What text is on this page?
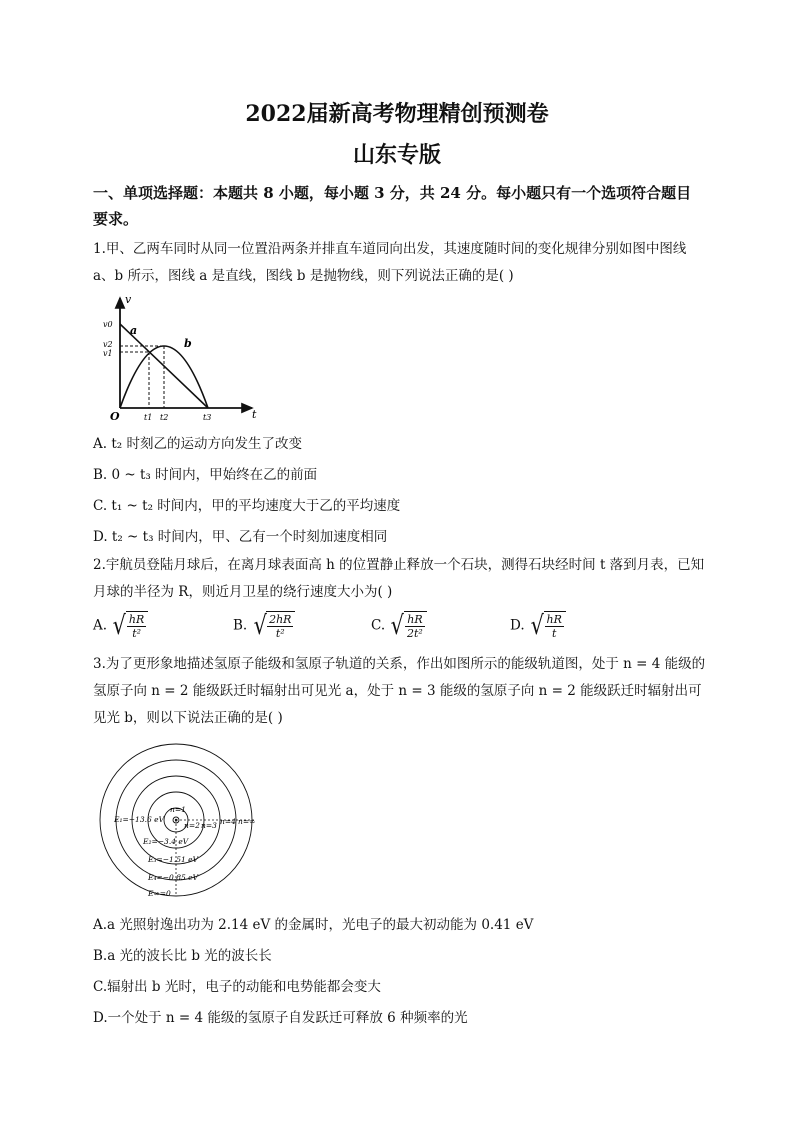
2022届新高考物理精创预测卷
山东专版
一、单项选择题：本题共 8 小题，每小题 3 分，共 24 分。每小题只有一个选项符合题目要求。
1.甲、乙两车同时从同一位置沿两条并排直车道同向出发，其速度随时间的变化规律分别如图中图线 a、b 所示，图线 a 是直线，图线 b 是抛物线，则下列说法正确的是( )
v
t
O
v0
v2
v1
t1 t2	t3
a
b
A. t₂ 时刻乙的运动方向发生了改变
B. 0 ~ t₃ 时间内，甲始终在乙的前面
C. t₁ ~ t₂ 时间内，甲的平均速度大于乙的平均速度
D. t₂ ~ t₃ 时间内，甲、乙有一个时刻加速度相同
2.宇航员登陆月球后，在离月球表面高 h 的位置静止释放一个石块，测得石块经时间 t 落到月表，已知月球的半径为 R，则近月卫星的绕行速度大小为( )
A. √ $\frac{hR}{\text{t²}}$	B. √ $\frac{2hR}{\text{t²}}$	C. √ $\frac{hR}{\text{2t²}}$	D. √ $\frac{hR}{t}$
3.为了更形象地描述氢原子能级和氢原子轨道的关系，作出如图所示的能级轨道图，处于 n = 4 能级的氢原子向 n = 2 能级跃迁时辐射出可见光 a，处于 n = 3 能级的氢原子向 n = 2 能级跃迁时辐射出可见光 b，则以下说法正确的是( )
n=1
n=2 n=3 n=4 n=∞
E₁=−13.6 eV
E₂=−3.4 eV
E₃=−1.51 eV
E₄=−0.85 eV
E∞=0
A.a 光照射逸出功为 2.14 eV 的金属时，光电子的最大初动能为 0.41 eV
B.a 光的波长比 b 光的波长长
C.辐射出 b 光时，电子的动能和电势能都会变大
D.一个处于 n = 4 能级的氢原子自发跃迁可释放 6 种频率的光
